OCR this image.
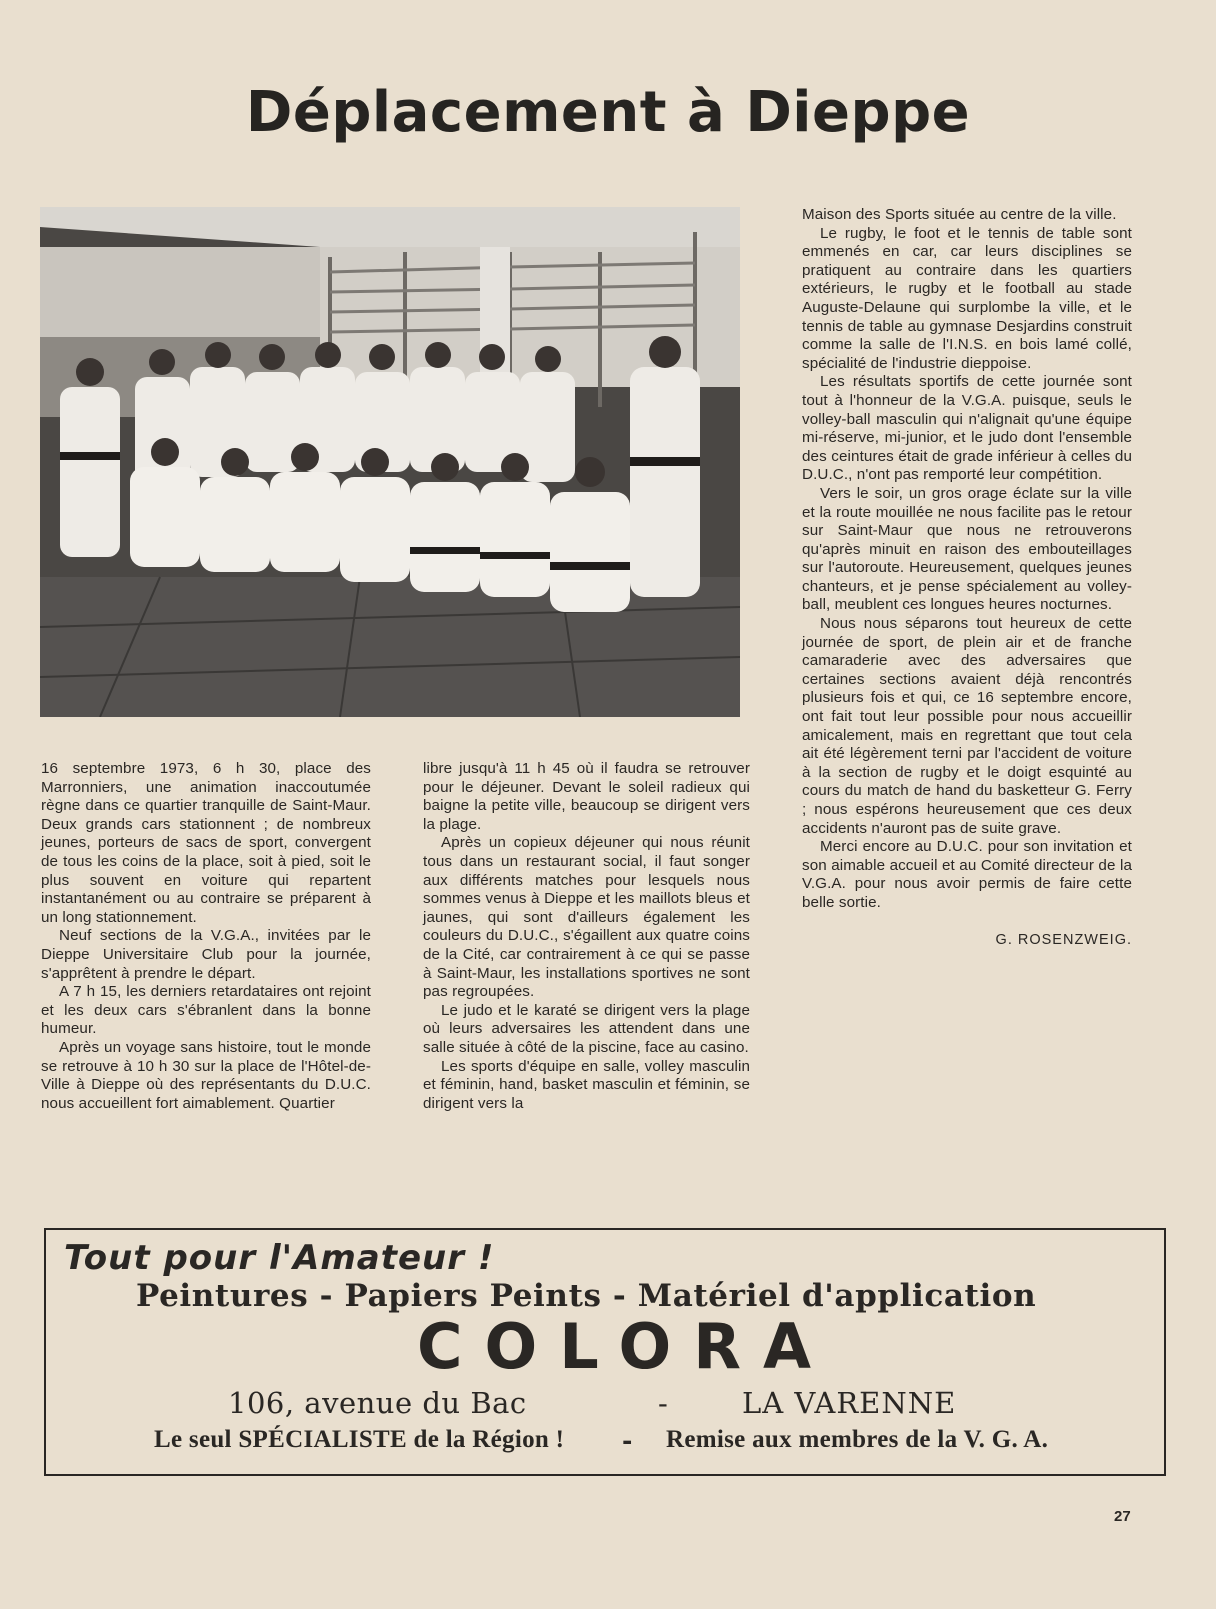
Déplacement à Dieppe

16 septembre 1973, 6 h 30, place des Marronniers, une animation inaccoutumée règne dans ce quartier tranquille de Saint-Maur. Deux grands cars stationnent ; de nombreux jeunes, porteurs de sacs de sport, convergent de tous les coins de la place, soit à pied, soit le plus souvent en voiture qui repartent instantanément ou au contraire se préparent à un long stationnement.

Neuf sections de la V.G.A., invitées par le Dieppe Universitaire Club pour la journée, s'apprêtent à prendre le départ.

A 7 h 15, les derniers retardataires ont rejoint et les deux cars s'ébranlent dans la bonne humeur.

Après un voyage sans histoire, tout le monde se retrouve à 10 h 30 sur la place de l'Hôtel-de-Ville à Dieppe où des représentants du D.U.C. nous accueillent fort aimablement. Quartier

libre jusqu'à 11 h 45 où il faudra se retrouver pour le déjeuner. Devant le soleil radieux qui baigne la petite ville, beaucoup se dirigent vers la plage.

Après un copieux déjeuner qui nous réunit tous dans un restaurant social, il faut songer aux différents matches pour lesquels nous sommes venus à Dieppe et les maillots bleus et jaunes, qui sont d'ailleurs également les couleurs du D.U.C., s'égaillent aux quatre coins de la Cité, car contrairement à ce qui se passe à Saint-Maur, les installations sportives ne sont pas regroupées.

Le judo et le karaté se dirigent vers la plage où leurs adversaires les attendent dans une salle située à côté de la piscine, face au casino.

Les sports d'équipe en salle, volley masculin et féminin, hand, basket masculin et féminin, se dirigent vers la

Maison des Sports située au centre de la ville.

Le rugby, le foot et le tennis de table sont emmenés en car, car leurs disciplines se pratiquent au contraire dans les quartiers extérieurs, le rugby et le football au stade Auguste-Delaune qui surplombe la ville, et le tennis de table au gymnase Desjardins construit comme la salle de l'I.N.S. en bois lamé collé, spécialité de l'industrie dieppoise.

Les résultats sportifs de cette journée sont tout à l'honneur de la V.G.A. puisque, seuls le volley-ball masculin qui n'alignait qu'une équipe mi-réserve, mi-junior, et le judo dont l'ensemble des ceintures était de grade inférieur à celles du D.U.C., n'ont pas remporté leur compétition.

Vers le soir, un gros orage éclate sur la ville et la route mouillée ne nous facilite pas le retour sur Saint-Maur que nous ne retrouverons qu'après minuit en raison des embouteillages sur l'autoroute. Heureusement, quelques jeunes chanteurs, et je pense spécialement au volley-ball, meublent ces longues heures nocturnes.

Nous nous séparons tout heureux de cette journée de sport, de plein air et de franche camaraderie avec des adversaires que certaines sections avaient déjà rencontrés plusieurs fois et qui, ce 16 septembre encore, ont fait tout leur possible pour nous accueillir amicalement, mais en regrettant que tout cela ait été légèrement terni par l'accident de voiture à la section de rugby et le doigt esquinté au cours du match de hand du basketteur G. Ferry ; nous espérons heureusement que ces deux accidents n'auront pas de suite grave.

Merci encore au D.U.C. pour son invitation et son aimable accueil et au Comité directeur de la V.G.A. pour nous avoir permis de faire cette belle sortie.

G. ROSENZWEIG.
Tout pour l'Amateur !
Peintures - Papiers Peints - Matériel d'application
COLORA
106, avenue du Bac	-	LA VARENNE
Le seul SPÉCIALISTE de la Région ! - Remise aux membres de la V. G. A.
27
